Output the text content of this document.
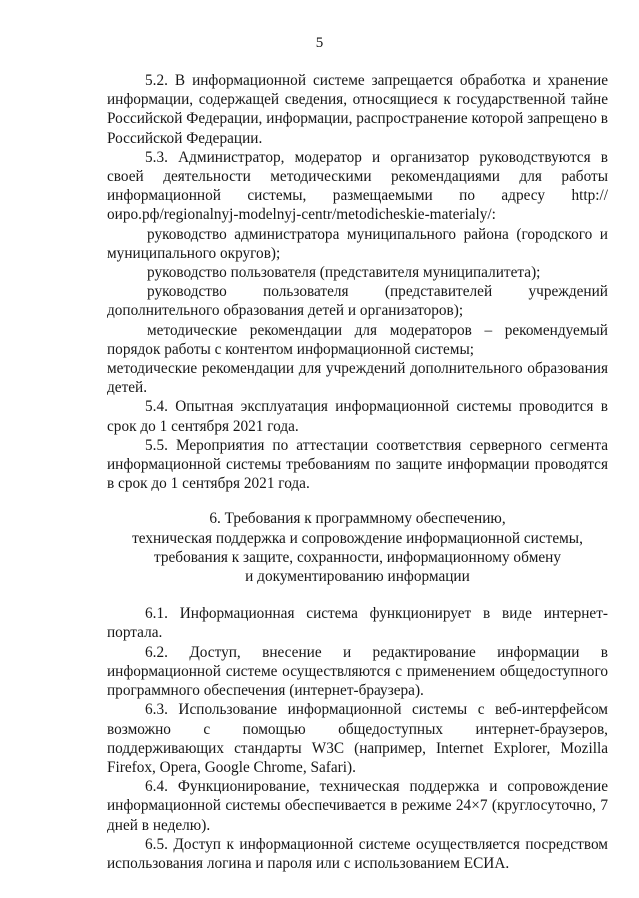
5

5.2. В информационной системе запрещается обработка и хранение информации, содержащей сведения, относящиеся к государственной тайне Российской Федерации, информации, распространение которой запрещено в Российской Федерации.

5.3. Администратор, модератор и организатор руководствуются в своей деятельности методическими рекомендациями для работы информационной системы, размещаемыми по адресу http://оиро.рф/regionalnyj-modelnyj-centr/metodicheskie-materialy/:

руководство администратора муниципального района (городского и муниципального округов);

руководство пользователя (представителя муниципалитета);

руководство пользователя (представителей учреждений дополнительного образования детей и организаторов);

методические рекомендации для модераторов – рекомендуемый порядок работы с контентом информационной системы;

методические рекомендации для учреждений дополнительного образования детей.

5.4. Опытная эксплуатация информационной системы проводится в срок до 1 сентября 2021 года.

5.5. Мероприятия по аттестации соответствия серверного сегмента информационной системы требованиям по защите информации проводятся в срок до 1 сентября 2021 года.

6. Требования к программному обеспечению,
техническая поддержка и сопровождение информационной системы,
требования к защите, сохранности, информационному обмену
и документированию информации

6.1. Информационная система функционирует в виде интернет-портала.

6.2. Доступ, внесение и редактирование информации в информационной системе осуществляются с применением общедоступного программного обеспечения (интернет-браузера).

6.3. Использование информационной системы с веб-интерфейсом возможно с помощью общедоступных интернет-браузеров, поддерживающих стандарты W3C (например, Internet Explorer, Mozilla Firefox, Opera, Google Chrome, Safari).

6.4. Функционирование, техническая поддержка и сопровождение информационной системы обеспечивается в режиме 24×7 (круглосуточно, 7 дней в неделю).

6.5. Доступ к информационной системе осуществляется посредством использования логина и пароля или с использованием ЕСИА.
